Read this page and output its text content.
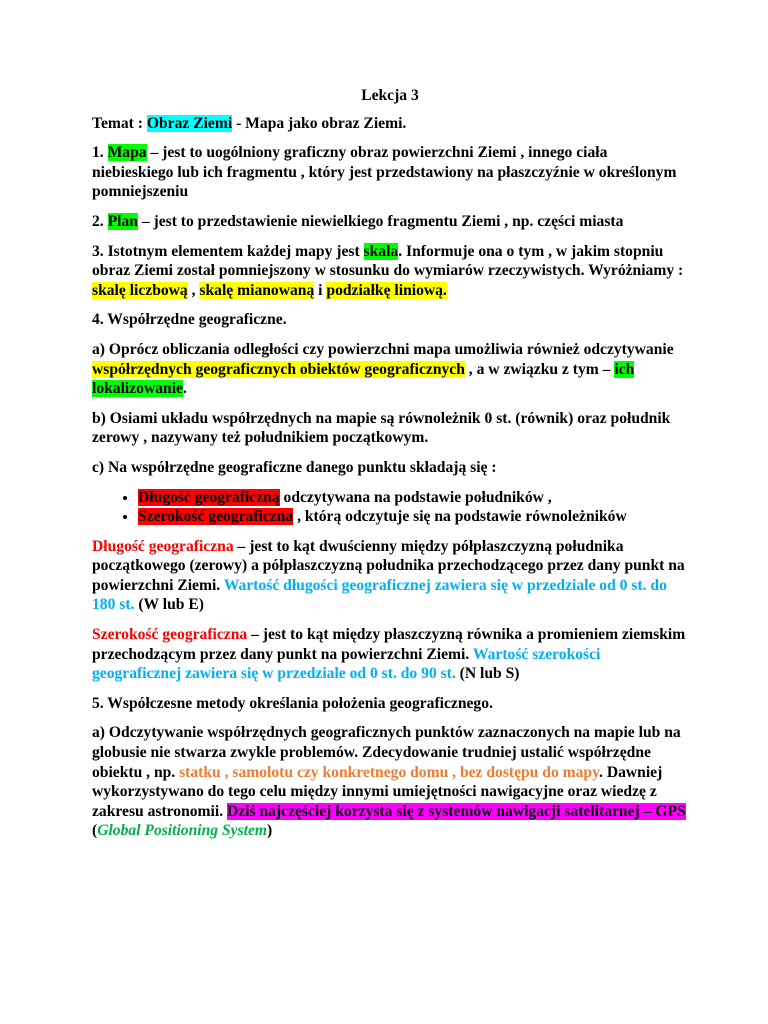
Lekcja 3

Temat : Obraz Ziemi - Mapa jako obraz Ziemi.

1. Mapa – jest to uogólniony graficzny obraz powierzchni Ziemi , innego ciała niebieskiego lub ich fragmentu , który jest przedstawiony na płaszczyźnie w określonym pomniejszeniu

2. Plan – jest to przedstawienie niewielkiego fragmentu Ziemi , np. części miasta

3. Istotnym elementem każdej mapy jest skala. Informuje ona o tym , w jakim stopniu obraz Ziemi został pomniejszony w stosunku do wymiarów rzeczywistych. Wyróżniamy : skalę liczbową , skalę mianowaną i podziałkę liniową.

4. Współrzędne geograficzne.

a) Oprócz obliczania odległości czy powierzchni mapa umożliwia również odczytywanie współrzędnych geograficznych obiektów geograficznych , a w związku z tym – ich lokalizowanie.

b) Osiami układu współrzędnych na mapie są równoleżnik 0 st. (równik) oraz południk zerowy , nazywany też południkiem początkowym.

c) Na współrzędne geograficzne danego punktu składają się :

• Długość geograficzną odczytywana na podstawie południków ,
• Szerokość geograficzna , którą odczytuje się na podstawie równoleżników

Długość geograficzna – jest to kąt dwuścienny między półpłaszczyzną południka początkowego (zerowy) a półpłaszczyzną południka przechodzącego przez dany punkt na powierzchni Ziemi. Wartość długości geograficznej zawiera się w przedziale od 0 st. do 180 st. (W lub E)

Szerokość geograficzna – jest to kąt między płaszczyzną równika a promieniem ziemskim przechodzącym przez dany punkt na powierzchni Ziemi. Wartość szerokości geograficznej zawiera się w przedziale od 0 st. do 90 st. (N lub S)

5. Współczesne metody określania położenia geograficznego.

a) Odczytywanie współrzędnych geograficznych punktów zaznaczonych na mapie lub na globusie nie stwarza zwykle problemów. Zdecydowanie trudniej ustalić współrzędne obiektu , np. statku , samolotu czy konkretnego domu , bez dostępu do mapy. Dawniej wykorzystywano do tego celu między innymi umiejętności nawigacyjne oraz wiedzę z zakresu astronomii. Dziś najczęściej korzysta się z systemów nawigacji satelitarnej – GPS (Global Positioning System)
